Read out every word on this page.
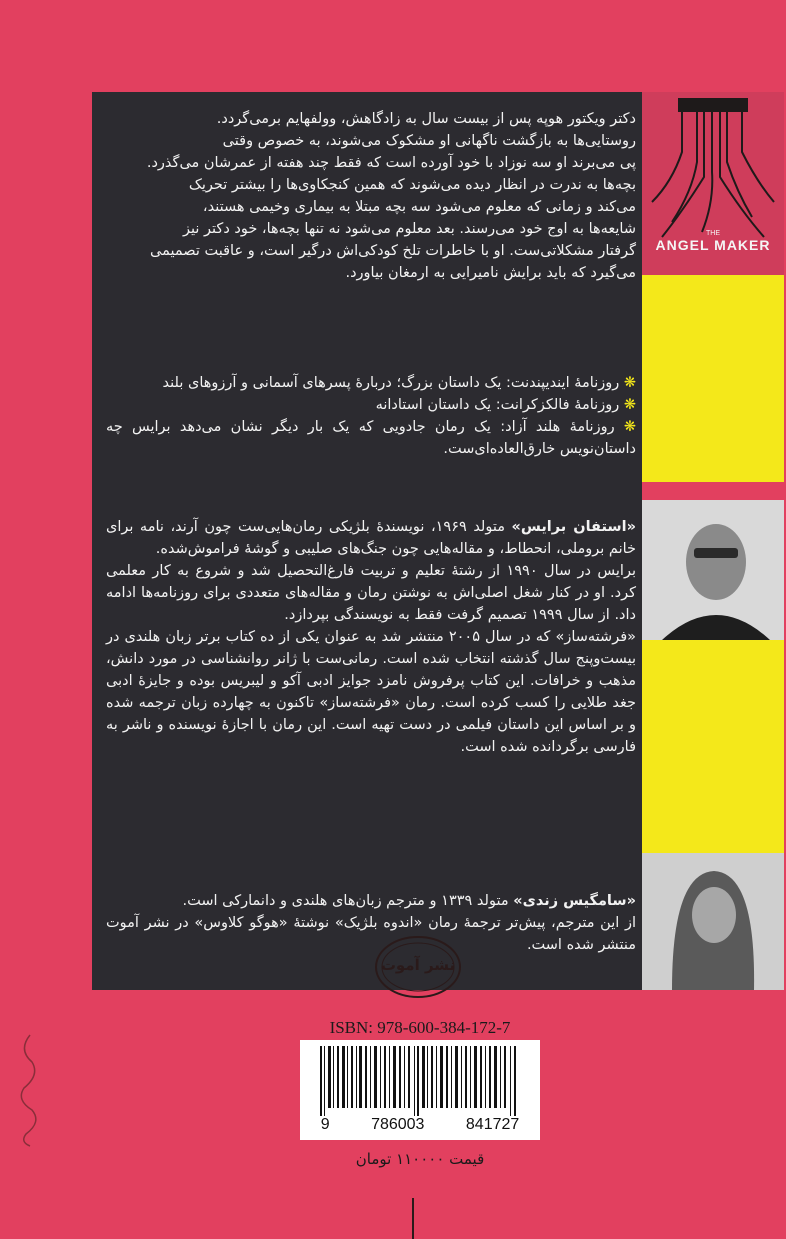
THE
ANGEL MAKER

دکتر ویکتور هوپه پس از بیست سال به زادگاهش، وولفهایم برمی‌گردد.

روستایی‌ها به بازگشت ناگهانی او مشکوک می‌شوند، به خصوص وقتی

پی می‌برند او سه نوزاد با خود آورده است که فقط چند هفته از عمرشان می‌گذرد.

بچه‌ها به ندرت در انظار دیده می‌شوند که همین کنجکاوی‌ها را بیشتر تحریک

می‌کند و زمانی که معلوم می‌شود سه بچه مبتلا به بیماری وخیمی هستند،

شایعه‌ها به اوج خود می‌رسند. بعد معلوم می‌شود نه تنها بچه‌ها، خود دکتر نیز

گرفتار مشکلاتی‌ست. او با خاطرات تلخ کودکی‌اش درگیر است، و عاقبت تصمیمی

می‌گیرد که باید برایش نامیرایی به ارمغان بیاورد.

❋ روزنامۀ ایندیپندنت: یک داستان بزرگ؛ دربارۀ پسرهای آسمانی و آرزوهای بلند

❋ روزنامۀ فالکزکرانت: یک داستان استادانه

❋ روزنامۀ هلند آزاد: یک رمان جادویی که یک بار دیگر نشان می‌دهد برایس چه داستان‌نویس خارق‌العاده‌ای‌ست.

«استفان برایس» متولد ۱۹۶۹، نویسندۀ بلژیکی رمان‌هایی‌ست چون آرند، نامه برای خانم بروملی، انحطاط، و مقاله‌هایی چون جنگ‌های صلیبی و گوشۀ فراموش‌شده.

برایس در سال ۱۹۹۰ از رشتۀ تعلیم و تربیت فارغ‌التحصیل شد و شروع به کار معلمی کرد. او در کنار شغل اصلی‌اش به نوشتن رمان و مقاله‌های متعددی برای روزنامه‌ها ادامه داد. از سال ۱۹۹۹ تصمیم گرفت فقط به نویسندگی بپردازد.

«فرشته‌ساز» که در سال ۲۰۰۵ منتشر شد به عنوان یکی از ده کتاب برتر زبان هلندی در بیست‌وپنج سال گذشته انتخاب شده است. رمانی‌ست با ژانر روانشناسی در مورد دانش، مذهب و خرافات. این کتاب پرفروش نامزد جوایز ادبی آکو و لیبریس بوده و جایزۀ ادبی جغد طلایی را کسب کرده است. رمان «فرشته‌ساز» تاکنون به چهارده زبان ترجمه شده و بر اساس این داستان فیلمی در دست تهیه است. این رمان با اجازۀ نویسنده و ناشر به فارسی برگردانده شده است.

«سامگیس زندی» متولد ۱۳۳۹ و مترجم زبان‌های هلندی و دانمارکی است.

از این مترجم، پیش‌تر ترجمۀ رمان «اندوه بلژیک» نوشتۀ «هوگو کلاوس» در نشر آموت منتشر شده است.

نشر آموت
ISBN: 978-600-384-172-7
9	786003	841727
قیمت ۱۱۰۰۰۰ تومان
